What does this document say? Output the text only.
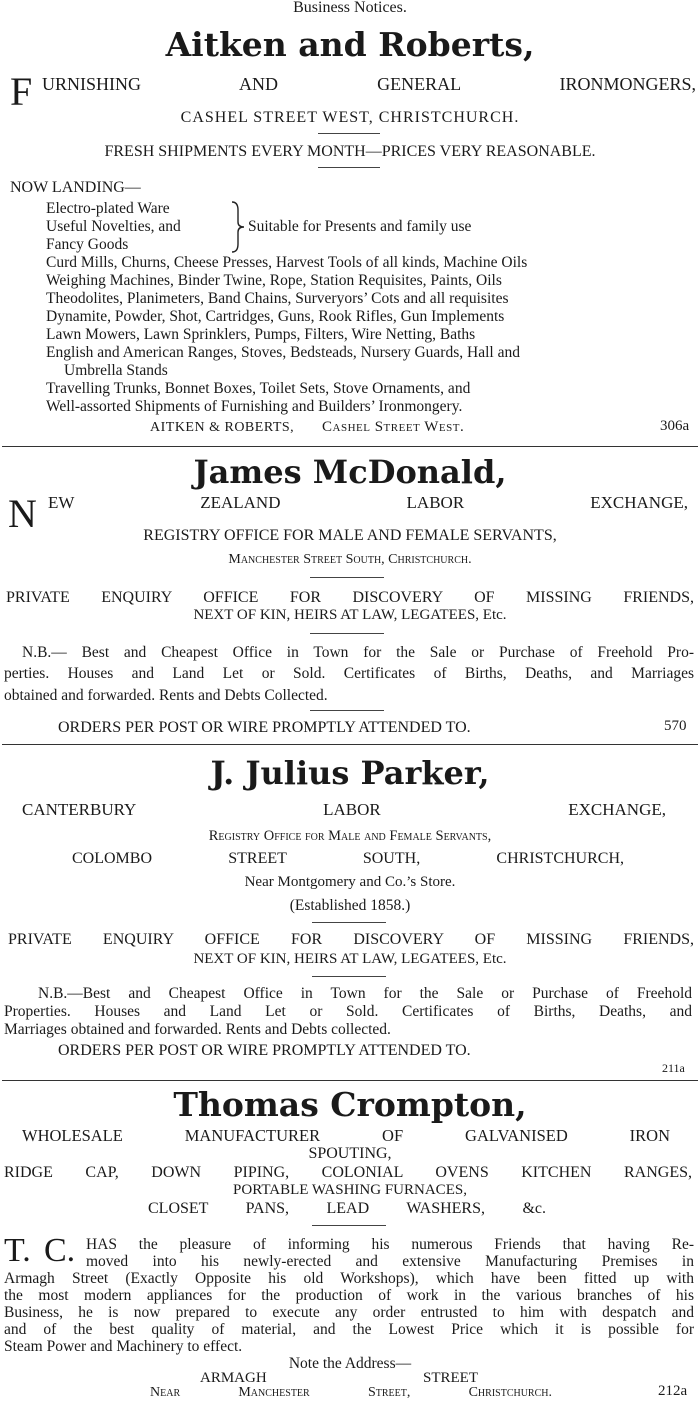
Business Notices.
Aitken and Roberts,
F URNISHING AND GENERAL IRONMONGERS,
CASHEL STREET WEST, CHRISTCHURCH.
FRESH SHIPMENTS EVERY MONTH—PRICES VERY REASONABLE.
NOW LANDING—
Electro-plated Ware
Useful Novelties, and
Fancy Goods
Suitable for Presents and family use
Curd Mills, Churns, Cheese Presses, Harvest Tools of all kinds, Machine Oils
Weighing Machines, Binder Twine, Rope, Station Requisites, Paints, Oils
Theodolites, Planimeters, Band Chains, Surveryors’ Cots and all requisites
Dynamite, Powder, Shot, Cartridges, Guns, Rook Rifles, Gun Implements
Lawn Mowers, Lawn Sprinklers, Pumps, Filters, Wire Netting, Baths
English and American Ranges, Stoves, Bedsteads, Nursery Guards, Hall and
Umbrella Stands
Travelling Trunks, Bonnet Boxes, Toilet Sets, Stove Ornaments, and
Well-assorted Shipments of Furnishing and Builders’ Ironmongery.
AITKEN & ROBERTS, Cashel Street West.	306a
James McDonald,
N EW ZEALAND LABOR EXCHANGE,
REGISTRY OFFICE FOR MALE AND FEMALE SERVANTS,
Manchester Street South, Christchurch.
PRIVATE ENQUIRY OFFICE FOR DISCOVERY OF MISSING FRIENDS,
NEXT OF KIN, HEIRS AT LAW, LEGATEES, Etc.
N.B.— Best and Cheapest Office in Town for the Sale or Purchase of Freehold Pro-
perties. Houses and Land Let or Sold. Certificates of Births, Deaths, and Marriages
obtained and forwarded. Rents and Debts Collected.
ORDERS PER POST OR WIRE PROMPTLY ATTENDED TO.	570
J. Julius Parker,
CANTERBURY LABOR EXCHANGE,
Registry Office for Male and Female Servants,
COLOMBO STREET SOUTH, CHRISTCHURCH,
Near Montgomery and Co.’s Store.
(Established 1858.)
PRIVATE ENQUIRY OFFICE FOR DISCOVERY OF MISSING FRIENDS,
NEXT OF KIN, HEIRS AT LAW, LEGATEES, Etc.
N.B.—Best and Cheapest Office in Town for the Sale or Purchase of Freehold
Properties. Houses and Land Let or Sold. Certificates of Births, Deaths, and
Marriages obtained and forwarded. Rents and Debts collected.
ORDERS PER POST OR WIRE PROMPTLY ATTENDED TO.
211a
Thomas Crompton,
WHOLESALE MANUFACTURER OF GALVANISED IRON
SPOUTING,
RIDGE CAP, DOWN PIPING, COLONIAL OVENS KITCHEN RANGES,
PORTABLE WASHING FURNACES,
CLOSET PANS, LEAD WASHERS, &c.
T. C. HAS the pleasure of informing his numerous Friends that having Re-
moved into his newly-erected and extensive Manufacturing Premises in
Armagh Street (Exactly Opposite his old Workshops), which have been fitted up with
the most modern appliances for the production of work in the various branches of his
Business, he is now prepared to execute any order entrusted to him with despatch and
and of the best quality of material, and the Lowest Price which it is possible for
Steam Power and Machinery to effect.
Note the Address—
ARMAGH STREET
Near Manchester Street, Christchurch.	212a
